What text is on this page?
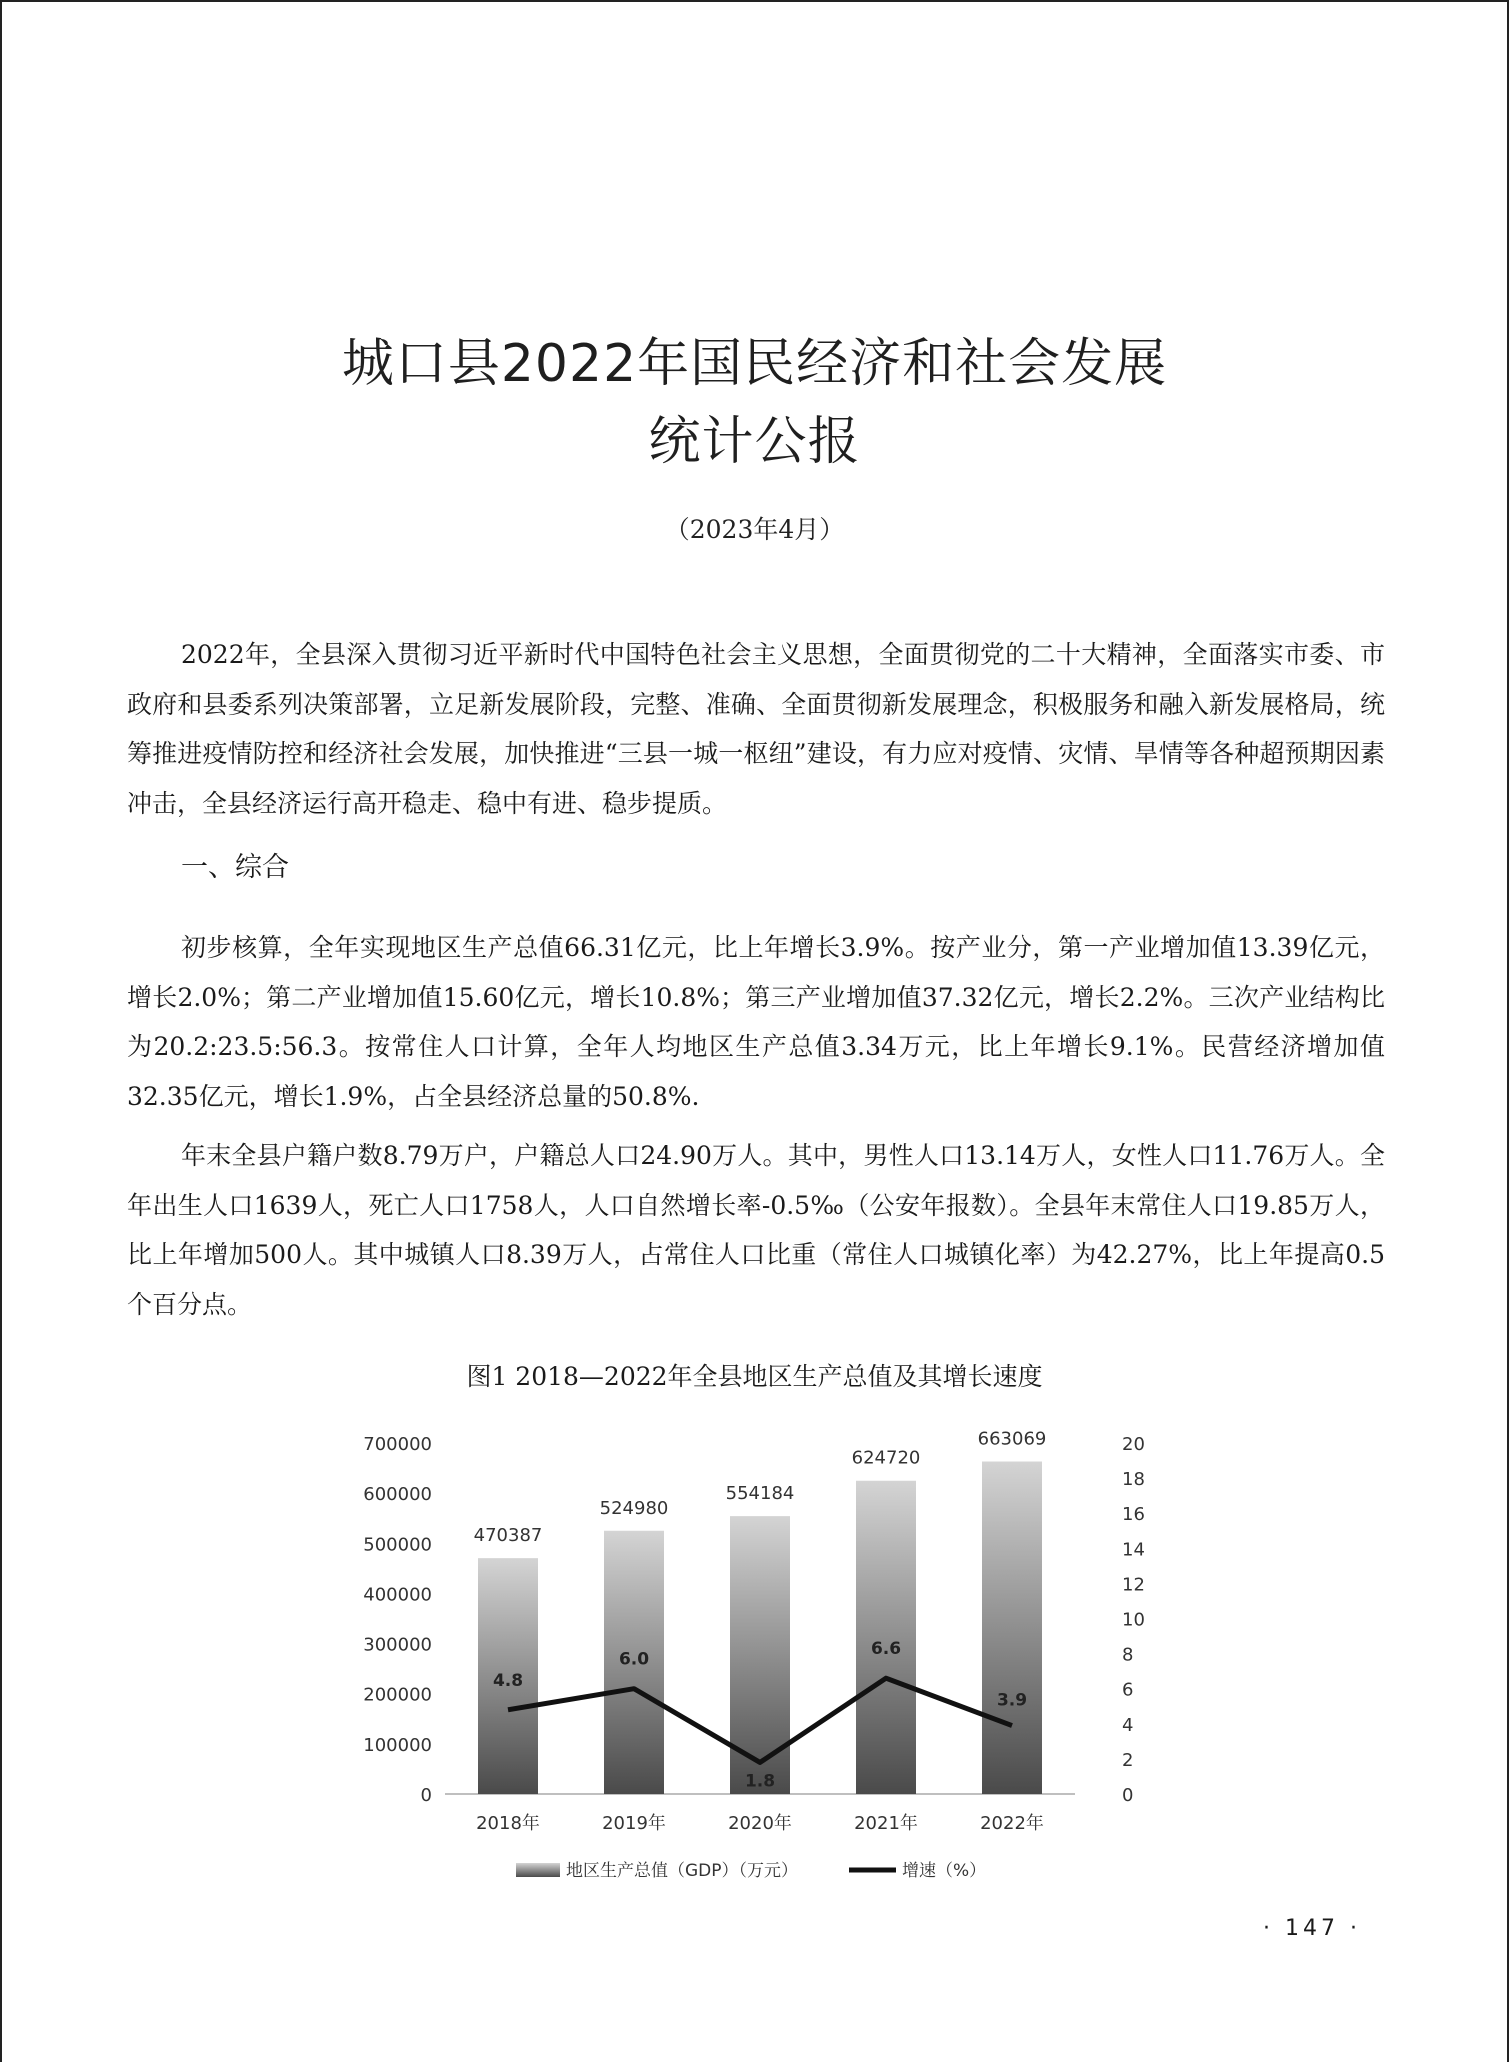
城口县2022年国民经济和社会发展
统计公报
（2023年4月）

2022年，全县深入贯彻习近平新时代中国特色社会主义思想，全面贯彻党的二十大精神，全面落实市委、市政府和县委系列决策部署，立足新发展阶段，完整、准确、全面贯彻新发展理念，积极服务和融入新发展格局，统筹推进疫情防控和经济社会发展，加快推进“三县一城一枢纽”建设，有力应对疫情、灾情、旱情等各种超预期因素冲击，全县经济运行高开稳走、稳中有进、稳步提质。

一、综合

初步核算，全年实现地区生产总值66.31亿元，比上年增长3.9%。按产业分，第一产业增加值13.39亿元，增长2.0%；第二产业增加值15.60亿元，增长10.8%；第三产业增加值37.32亿元，增长2.2%。三次产业结构比为20.2:23.5:56.3。按常住人口计算，全年人均地区生产总值3.34万元，比上年增长9.1%。民营经济增加值32.35亿元，增长1.9%，占全县经济总量的50.8%.

年末全县户籍户数8.79万户，户籍总人口24.90万人。其中，男性人口13.14万人，女性人口11.76万人。全年出生人口1639人，死亡人口1758人，人口自然增长率-0.5‰（公安年报数）。全县年末常住人口19.85万人，比上年增加500人。其中城镇人口8.39万人，占常住人口比重（常住人口城镇化率）为42.27%，比上年提高0.5个百分点。

图1 2018—2022年全县地区生产总值及其增长速度
0
100000
200000
300000
400000
500000
600000
700000
0
2
4
6
8
10
12
14
16
18
20
470387
2018年
524980
2019年
554184
2020年
624720
2021年
663069
2022年
4.8
6.0
1.8
6.6
3.9
地区生产总值（GDP）（万元）	增速（%）
· 147 ·
